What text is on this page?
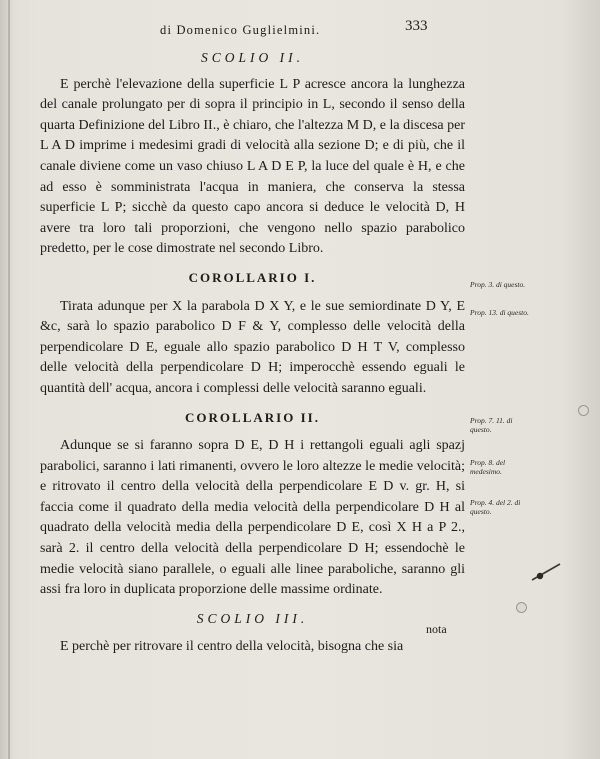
di Domenico Guglielmini.	333

SCOLIO II.

E perchè l'elevazione della superficie L P acresce ancora la lunghezza del canale prolungato per di sopra il principio in L, secondo il senso della quarta Definizione del Libro II., è chiaro, che l'altezza M D, e la discesa per L A D imprime i medesimi gradi di velocità alla sezione D; e di più, che il canale diviene come un vaso chiuso L A D E P, la luce del quale è H, e che ad esso è somministrata l'acqua in maniera, che conserva la stessa superficie L P; sicchè da questo capo ancora si deduce le velocità D, H avere tra loro tali proporzioni, che vengono nello spazio parabolico predetto, per le cose dimostrate nel secondo Libro.

COROLLARIO I.

Tirata adunque per X la parabola D X Y, e le sue semiordinate D Y, E &c, sarà lo spazio parabolico D F & Y, complesso delle velocità della perpendicolare D E, eguale allo spazio parabolico D H T V, complesso delle velocità della perpendicolare D H; imperocchè essendo eguali le quantità dell' acqua, ancora i complessi delle velocità saranno eguali.

COROLLARIO II.

Adunque se si faranno sopra D E, D H i rettangoli eguali agli spazj parabolici, saranno i lati rimanenti, ovvero le loro altezze le medie velocità; e ritrovato il centro della velocità della perpendicolare E D v. gr. H, si faccia come il quadrato della media velocità della perpendicolare D H al quadrato della velocità media della perpendicolare D E, così X H a P 2., sarà 2. il centro della velocità della perpendicolare D H; essendochè le medie velocità siano parallele, o eguali alle linee paraboliche, saranno gli assi fra loro in duplicata proporzione delle massime ordinate.

SCOLIO III.

E perchè per ritrovare il centro della velocità, bisogna che sia

nota
Prop. 3. di questo.
Prop. 13. di questo.
Prop. 7. 11. di questo.
Prop. 8. del medesimo.
Prop. 4. del 2. di questo.
